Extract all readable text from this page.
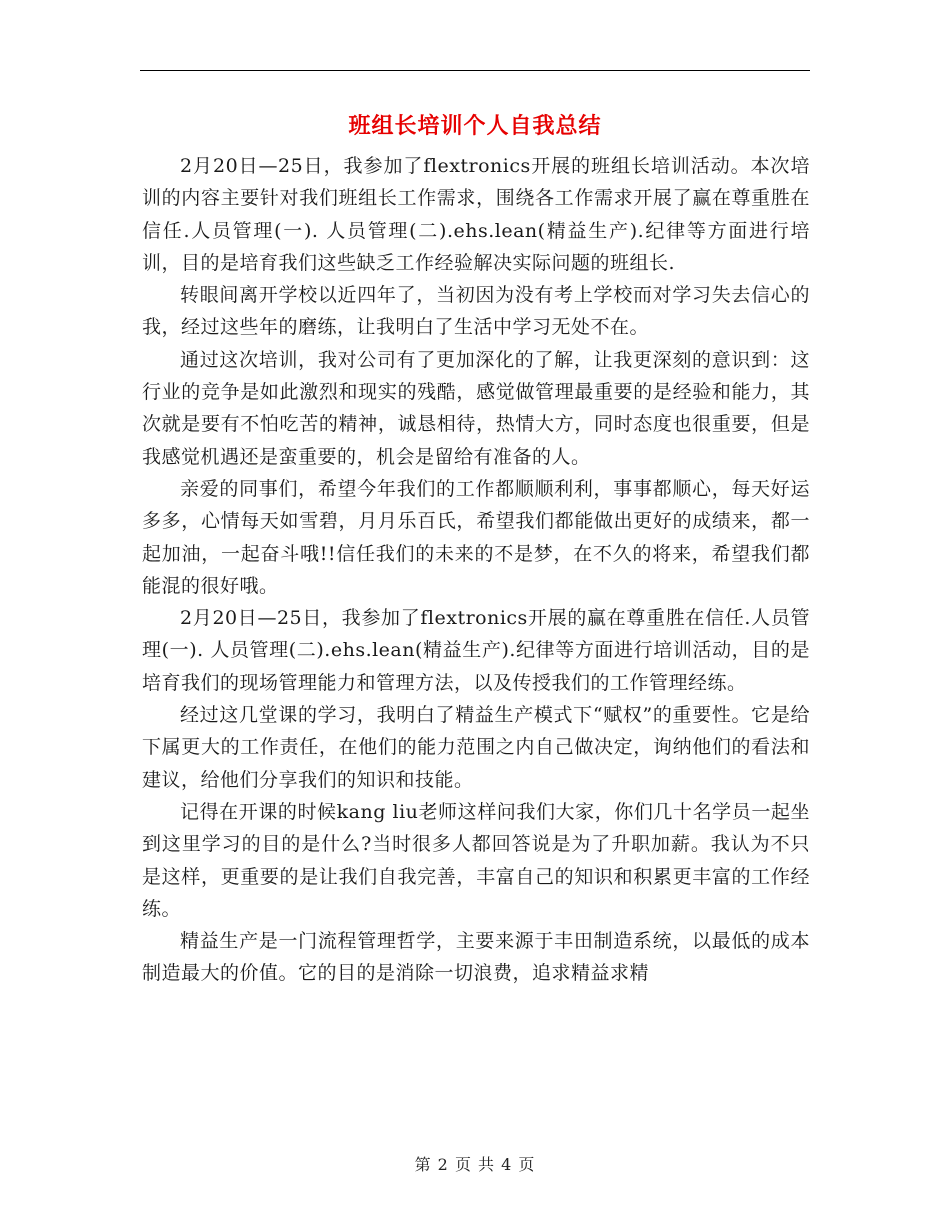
班组长培训个人自我总结

2月20日—25日，我参加了flextronics开展的班组长培训活动。本次培训的内容主要针对我们班组长工作需求，围绕各工作需求开展了赢在尊重胜在信任.人员管理(一). 人员管理(二).ehs.lean(精益生产).纪律等方面进行培训，目的是培育我们这些缺乏工作经验解决实际问题的班组长.

转眼间离开学校以近四年了，当初因为没有考上学校而对学习失去信心的我，经过这些年的磨练，让我明白了生活中学习无处不在。

通过这次培训，我对公司有了更加深化的了解，让我更深刻的意识到：这行业的竞争是如此激烈和现实的残酷，感觉做管理最重要的是经验和能力，其次就是要有不怕吃苦的精神，诚恳相待，热情大方，同时态度也很重要，但是我感觉机遇还是蛮重要的，机会是留给有准备的人。

亲爱的同事们，希望今年我们的工作都顺顺利利，事事都顺心，每天好运多多，心情每天如雪碧，月月乐百氏，希望我们都能做出更好的成绩来，都一起加油，一起奋斗哦!!信任我们的未来的不是梦，在不久的将来，希望我们都能混的很好哦。

2月20日—25日，我参加了flextronics开展的赢在尊重胜在信任.人员管理(一). 人员管理(二).ehs.lean(精益生产).纪律等方面进行培训活动，目的是培育我们的现场管理能力和管理方法，以及传授我们的工作管理经练。

经过这几堂课的学习，我明白了精益生产模式下“赋权”的重要性。它是给下属更大的工作责任，在他们的能力范围之内自己做决定，询纳他们的看法和建议，给他们分享我们的知识和技能。

记得在开课的时候kang liu老师这样问我们大家，你们几十名学员一起坐到这里学习的目的是什么?当时很多人都回答说是为了升职加薪。我认为不只是这样，更重要的是让我们自我完善，丰富自己的知识和积累更丰富的工作经练。

精益生产是一门流程管理哲学，主要来源于丰田制造系统，以最低的成本制造最大的价值。它的目的是消除一切浪费，追求精益求精

第 2 页 共 4 页
